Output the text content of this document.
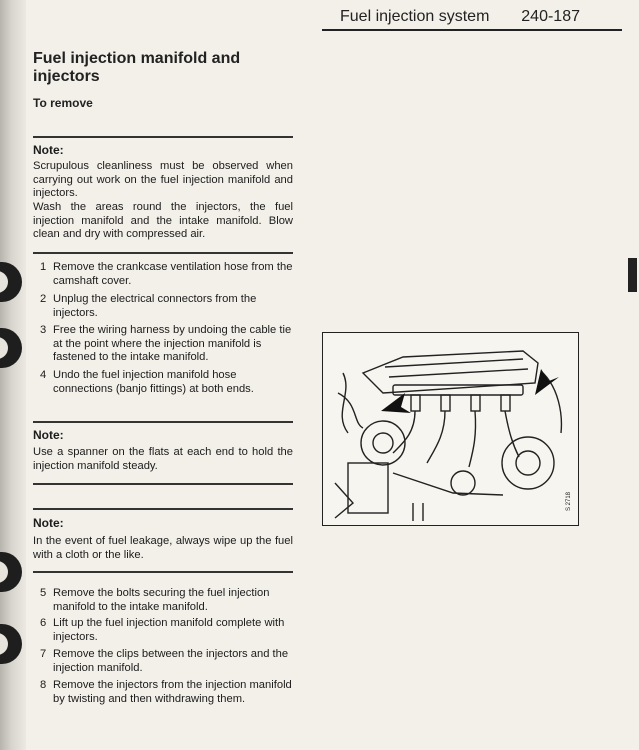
Fuel injection system 240-187
Fuel injection manifold and injectors
To remove
Note:

Scrupulous cleanliness must be observed when carrying out work on the fuel injection manifold and injectors.

Wash the areas round the injectors, the fuel injection manifold and the intake manifold. Blow clean and dry with compressed air.

1 Remove the crankcase ventilation hose from the camshaft cover.
2 Unplug the electrical connectors from the injectors.
3 Free the wiring harness by undoing the cable tie at the point where the injection manifold is fastened to the intake manifold.
4 Undo the fuel injection manifold hose connections (banjo fittings) at both ends.
Note:

Use a spanner on the flats at each end to hold the injection manifold steady.

Note:

In the event of fuel leakage, always wipe up the fuel with a cloth or the like.

5 Remove the bolts securing the fuel injection manifold to the intake manifold.
6 Lift up the fuel injection manifold complete with injectors.
7 Remove the clips between the injectors and the injection manifold.
8 Remove the injectors from the injection manifold by twisting and then withdrawing them.
S 2718
